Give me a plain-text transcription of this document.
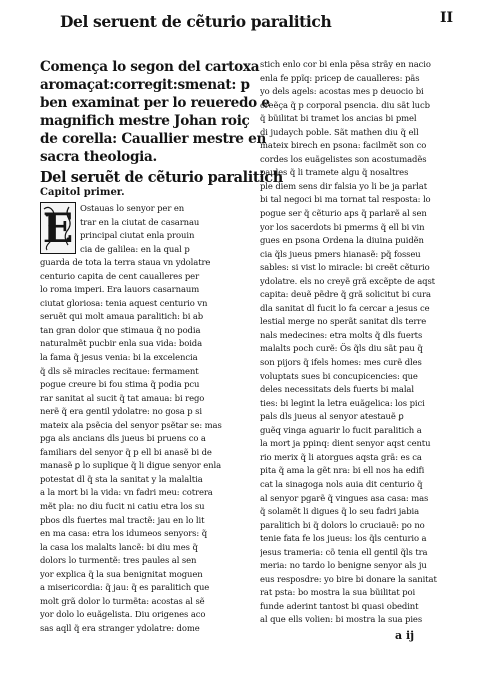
Del seruent de cẽturio paralitich	II

Comença lo segon del cartoxa

aromaçat:corregit:smenat: p

ben examinat per lo reueredo e

magnifich mestre Johan roiç

de corella: Cauallier mestre en

sacra theologia.

Del seruẽt de cẽturio paralitich

Capitol primer.

E Ostauas lo senyor per en
trar en la ciutat de casarnau
principal ciutat enla prouin
cia de galilea: en la qual p
guarda de tota la terra staua vn ydolatre
centurio capita de cent caualleres per
lo roma imperi. Era lauors casarnaum
ciutat gloriosa: tenia aquest centurio vn
seruẽt qui molt amaua paralitich: bi ab
tan gran dolor que stimaua q̃ no podia
naturalmẽt pucbir enla sua vida: boida
la fama q̃ jesus venia: bi la excelencia
q̃ dls sẽ miracles recitaue: fermament
pogue creure bi fou stima q̃ podia pcu
rar sanitat al sucit q̃ tat amaua: bi rego
nerẽ q̃ era gentil ydolatre: no gosa p si
mateix ala psẽcia del senyor psẽtar se: mas
pga als ancians dls jueus bi pruens co a
familiars del senyor q̃ p ell bi anasẽ bi de
manasẽ ꝑ lo suplique q̃ li digue senyor enla
potestat dl q̃ sta la sanitat y la malaltia
a la mort bi la vida: vn fadri meu: cotrera
mẽt pla: no diu fucit ni catiu etra los su
pbos dls fuertes mal tractẽ: jau en lo lit
en ma casa: etra los idumeos senyors: q̃
la casa los malalts lancẽ: bi diu mes q̃
dolors lo turmentẽ: tres paules al sen
yor explica q̃ la sua benignitat moguen
a misericordia: q̃ jau: q̃ es paralitich que
molt grã dolor lo turmẽta: acostas al sẽ
yor dolo lo euãgelista. Diu origenes aco
sas aqll q̃ era stranger ydolatre: dome
stich enlo cor bi enla pẽsa strãy en nacio
enla fe ppĩq: pricep de caualleres: pãs
yo dels agels: acostas mes p deuocio bi
creẽça q̃ p corporal psencia. diu sãt lucb
q̃ bũilitat bi tramet los ancias bi pmel
di judaych poble. Sãt mathen diu q̃ ell
mateix birech en psona: facilmẽt son co
cordes los euãgelistes son acostumadẽs
paules q̃ li tramete algu q̃ nosaltres
ple diem sens dir falsia yo li be ja parlat
bi tal negoci bi ma tornat tal resposta: lo
pogue ser q̃ cẽturio aps q̃ parlarẽ al sen
yor los sacerdots bi pmerms q̃ ell bi vin
gues en psona Ordena la diuina puidẽn
cia q̃ls jueus pmers hianasẽ: pq̃ fosseu
sables: si vist lo miracle: bi creẽt cẽturio
ydolatre. els no creyẽ grã excẽpte de aqst
capita: deuẽ pẽdre q̃ grã solicitut bi cura
dla sanitat dl fucit lo fa cercar a jesus ce
lestial merge no sperãt sanitat dls terre
nals medecines: etra molts q̃ dls fuerts
malalts poch curẽ: Ӧs q̃ls diu sãt pau q̃
son pijors q̃ ifels homes: mes curẽ dles
voluptats sues bi concupicencies: que
deles necessitats dels fuerts bi malal
ties: bi legint la letra euãgelica: los pici
pals dls jueus al senyor atestauẽ ꝑ
guẽq vinga aguarir lo fucit paralitich a
la mort ja ppinq: dient senyor aqst centu
rio merix q̃ li atorgues aqsta grã: es ca
pita q̃ ama la gẽt nra: bi ell nos ha edifi
cat la sinagoga nols auia dit centurio q̃
al senyor pgarẽ q̃ vingues asa casa: mas
q̃ solamẽt li digues q̃ lo seu fadri jabia
paralitich bi q̃ dolors lo cruciauẽ: po no
tenie fata fe los jueus: los q̃ls centurio a
jesus trameria: cõ tenia ell gentil q̃ls tra
meria: no tardo lo benigne senyor als ju
eus resposdre: yo bire bi donare la sanitat
rat psta: bo mostra la sua bũilitat poi
funde aderint tantost bi quasi obedint
al que ells volien: bi mostra la sua pies
a ij
